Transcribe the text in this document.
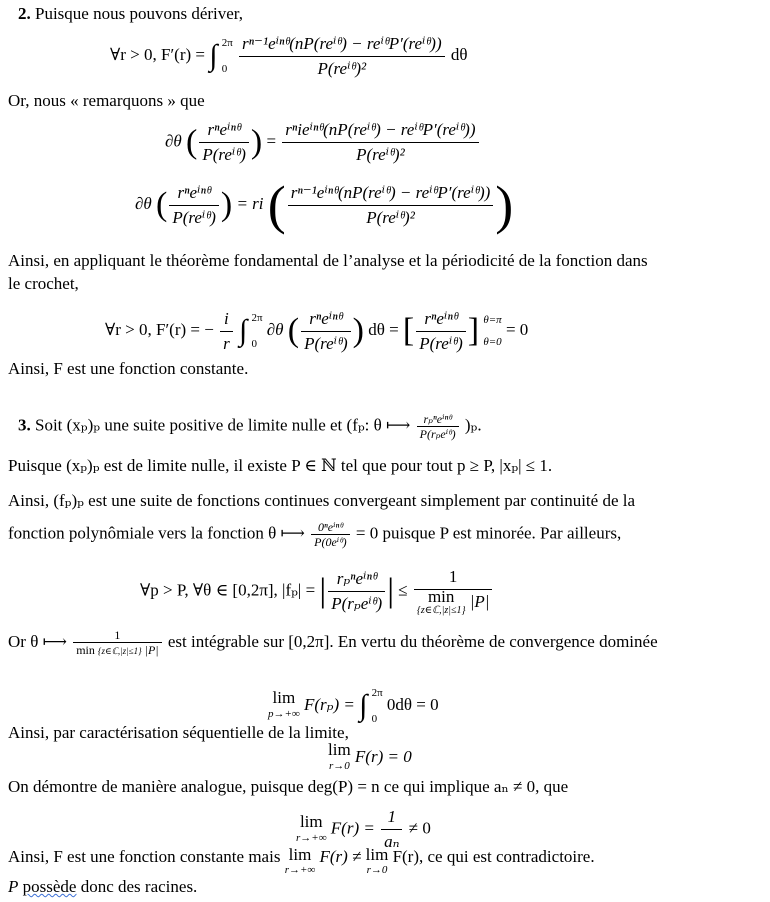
2. Puisque nous pouvons dériver,
∀r > 0, F′(r) = ∫ 2π
0
$\frac{\text{rⁿ⁻¹eⁱⁿᶿ(nP(reⁱᶿ) − reⁱᶿP′(reⁱᶿ))}}{\text{P(reⁱᶿ)²}}$ dθ
Or, nous « remarquons » que
∂θ ( $\frac{\text{rⁿeⁱⁿᶿ}}{\text{P(reⁱᶿ)}}$ ) = $\frac{\text{rⁿieⁱⁿᶿ(nP(reⁱᶿ) − reⁱᶿP′(reⁱᶿ))}}{\text{P(reⁱᶿ)²}}$
∂θ ( $\frac{\text{rⁿeⁱⁿᶿ}}{\text{P(reⁱᶿ)}}$ ) = ri ( $\frac{\text{rⁿ⁻¹eⁱⁿᶿ(nP(reⁱᶿ) − reⁱᶿP′(reⁱᶿ))}}{\text{P(reⁱᶿ)²}}$ )
Ainsi, en appliquant le théorème fondamental de l’analyse et la périodicité de la fonction dans
le crochet,
∀r > 0, F′(r) = − $\frac{i}{r}$ ∫ 2π
0
∂θ ( $\frac{\text{rⁿeⁱⁿᶿ}}{\text{P(reⁱᶿ)}}$ ) dθ = [ $\frac{\text{rⁿeⁱⁿᶿ}}{\text{P(reⁱᶿ)}}$ ] θ=π
θ=0
= 0
Ainsi, F est une fonction constante.
3. Soit (xₚ)ₚ une suite positive de limite nulle et (fₚ: θ ⟼ $\frac{\text{rₚⁿeⁱⁿᶿ}}{\text{P(rₚeⁱᶿ)}} )_p$.
Puisque (xₚ)ₚ est de limite nulle, il existe P ∈ ℕ tel que pour tout p ≥ P, |xₚ| ≤ 1.
Ainsi, (fₚ)ₚ est une suite de fonctions continues convergeant simplement par continuité de la
fonction polynômiale vers la fonction θ ⟼ $\frac{\text{0ⁿeⁱⁿᶿ}}{\text{P(0eⁱᶿ)}} = 0$ puisque P est minorée. Par ailleurs,
∀p > P, ∀θ ∈ [0,2π], |fₚ| = | $\frac{\text{rₚⁿeⁱⁿᶿ}}{\text{P(rₚeⁱᶿ)}}$ | ≤ 1
min
{z∈ℂ,|z|≤1} |P|
Or θ ⟼ $\frac{1}{\text{min \{z∈ℂ,|z|≤1\} |P|}}$ est intégrable sur [0,2π]. En vertu du théorème de convergence dominée
lim
p→+∞
F(rₚ) = ∫ 2π
0
0dθ = 0
Ainsi, par caractérisation séquentielle de la limite,
lim
r→0
F(r) = 0
On démontre de manière analogue, puisque deg(P) = n ce qui implique aₙ ≠ 0, que
lim
r→+∞
$F(r) = \frac{1}{\text{aₙ}} \ne 0$
Ainsi, F est une fonction constante mais lim
r→+∞
F(r) ≠ lim
r→0
F(r), ce qui est contradictoire.
P possède donc des racines.
